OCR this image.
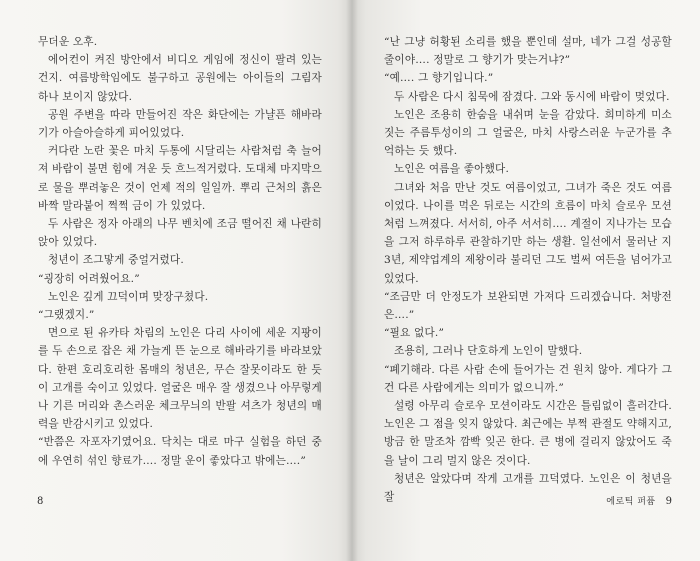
무더운 오후.

에어컨이 켜진 방안에서 비디오 게임에 정신이 팔려 있는 건지. 여름방학임에도 불구하고 공원에는 아이들의 그림자 하나 보이지 않았다.

공원 주변을 따라 만들어진 작은 화단에는 가냘픈 해바라기가 아슬아슬하게 피어있었다.

커다란 노란 꽃은 마치 두통에 시달리는 사람처럼 축 늘어져 바람이 불면 힘에 겨운 듯 흐느적거렸다. 도대체 마지막으로 물을 뿌려놓은 것이 언제 적의 일일까. 뿌리 근처의 흙은 바짝 말라붙어 쩍쩍 금이 가 있었다.

두 사람은 정자 아래의 나무 벤치에 조금 떨어진 채 나란히 앉아 있었다.

청년이 조그맣게 중얼거렸다.

“굉장히 어려웠어요.”

노인은 깊게 끄덕이며 맞장구쳤다.

“그랬겠지.”

면으로 된 유카타 차림의 노인은 다리 사이에 세운 지팡이를 두 손으로 잡은 채 가늘게 뜬 눈으로 해바라기를 바라보았다. 한편 호리호리한 몸매의 청년은, 무슨 잘못이라도 한 듯이 고개를 숙이고 있었다. 얼굴은 매우 잘 생겼으나 아무렇게나 기른 머리와 촌스러운 체크무늬의 반팔 셔츠가 청년의 매력을 반감시키고 있었다.

“반쯤은 자포자기였어요. 닥치는 대로 마구 실험을 하던 중에 우연히 섞인 향료가…. 정말 운이 좋았다고 밖에는….”

8

“난 그냥 허황된 소리를 했을 뿐인데 설마, 네가 그걸 성공할 줄이야…. 정말로 그 향기가 맞는거냐?”

“예…. 그 향기입니다.”

두 사람은 다시 침묵에 잠겼다. 그와 동시에 바람이 멎었다.

노인은 조용히 한숨을 내쉬며 눈을 감았다. 희미하게 미소 짓는 주름투성이의 그 얼굴은, 마치 사랑스러운 누군가를 추억하는 듯 했다.

노인은 여름을 좋아했다.

그녀와 처음 만난 것도 여름이었고, 그녀가 죽은 것도 여름이었다. 나이를 먹은 뒤로는 시간의 흐름이 마치 슬로우 모션처럼 느껴졌다. 서서히, 아주 서서히…. 계절이 지나가는 모습을 그저 하루하루 관찰하기만 하는 생활. 일선에서 물러난 지 3년, 제약업계의 제왕이라 불리던 그도 벌써 여든을 넘어가고 있었다.

“조금만 더 안정도가 보완되면 가져다 드리겠습니다. 처방전은….”

“필요 없다.”

조용히, 그러나 단호하게 노인이 말했다.

“폐기해라. 다른 사람 손에 들어가는 건 원치 않아. 게다가 그건 다른 사람에게는 의미가 없으니까.”

설령 아무리 슬로우 모션이라도 시간은 틀림없이 흘러간다. 노인은 그 점을 잊지 않았다. 최근에는 부쩍 관절도 약해지고, 방금 한 말조차 깜빡 잊곤 한다. 큰 병에 걸리지 않았어도 죽을 날이 그리 멀지 않은 것이다.

청년은 알았다며 작게 고개를 끄덕였다. 노인은 이 청년을 잘	에로틱 퍼퓸 9
